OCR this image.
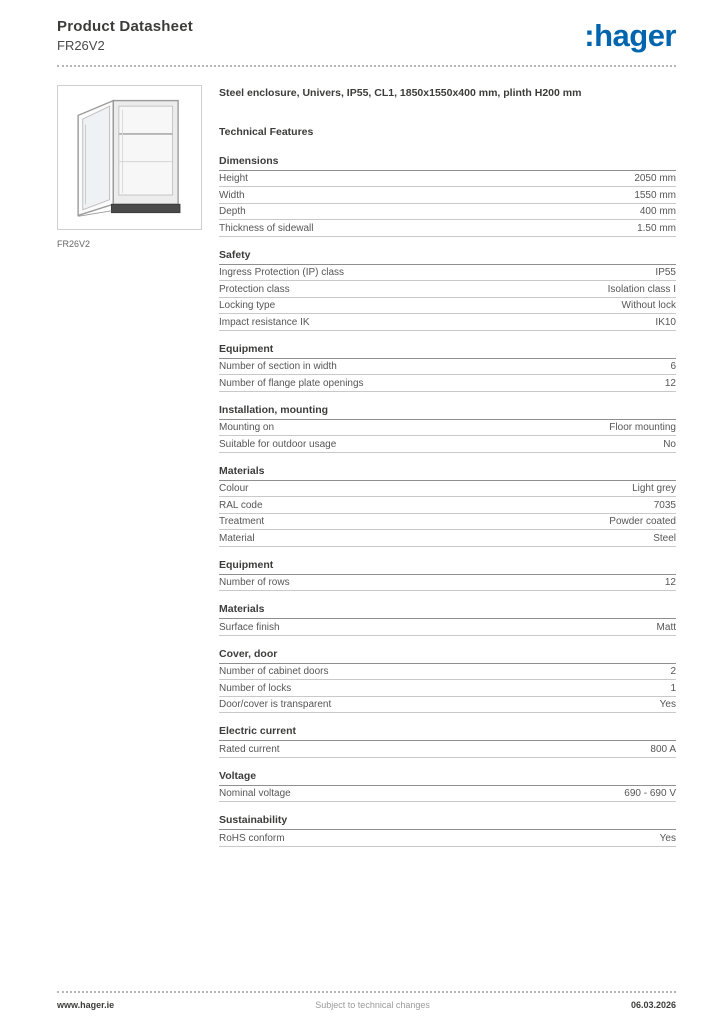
Product Datasheet
FR26V2	:hager
FR26V2
Steel enclosure, Univers, IP55, CL1, 1850x1550x400 mm, plinth H200 mm
Technical Features
Dimensions
Height	2050 mm
Width	1550 mm
Depth	400 mm
Thickness of sidewall	1.50 mm
Safety
Ingress Protection (IP) class	IP55
Protection class	Isolation class I
Locking type	Without lock
Impact resistance IK	IK10
Equipment
Number of section in width	6
Number of flange plate openings	12
Installation, mounting
Mounting on	Floor mounting
Suitable for outdoor usage	No
Materials
Colour	Light grey
RAL code	7035
Treatment	Powder coated
Material	Steel
Equipment
Number of rows	12
Materials
Surface finish	Matt
Cover, door
Number of cabinet doors	2
Number of locks	1
Door/cover is transparent	Yes
Electric current
Rated current	800 A
Voltage
Nominal voltage	690 - 690 V
Sustainability
RoHS conform	Yes
www.hager.ie	Subject to technical changes	06.03.2026
